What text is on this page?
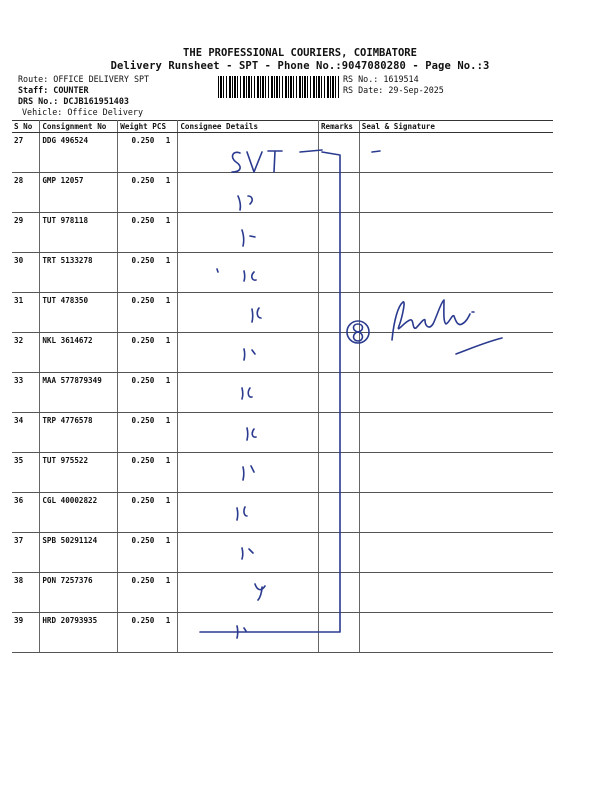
THE PROFESSIONAL COURIERS, COIMBATORE
Delivery Runsheet - SPT - Phone No.:9047080280 - Page No.:3
Route: OFFICE DELIVERY SPT
Staff: COUNTER
DRS No.: DCJB161951403
Vehicle: Office Delivery
RS No.: 1619514
RS Date: 29-Sep-2025
S No	Consignment No	Weight PCS	Consignee Details	Remarks	Seal & Signature
27	DDG 496524	0.250 1			
28	GMP 12057	0.250 1			
29	TUT 978118	0.250 1			
30	TRT 5133278	0.250 1			
31	TUT 478350	0.250 1			
32	NKL 3614672	0.250 1			
33	MAA 577879349	0.250 1			
34	TRP 4776578	0.250 1			
35	TUT 975522	0.250 1			
36	CGL 40002822	0.250 1			
37	SPB 50291124	0.250 1			
38	PON 7257376	0.250 1			
39	HRD 20793935	0.250 1			
